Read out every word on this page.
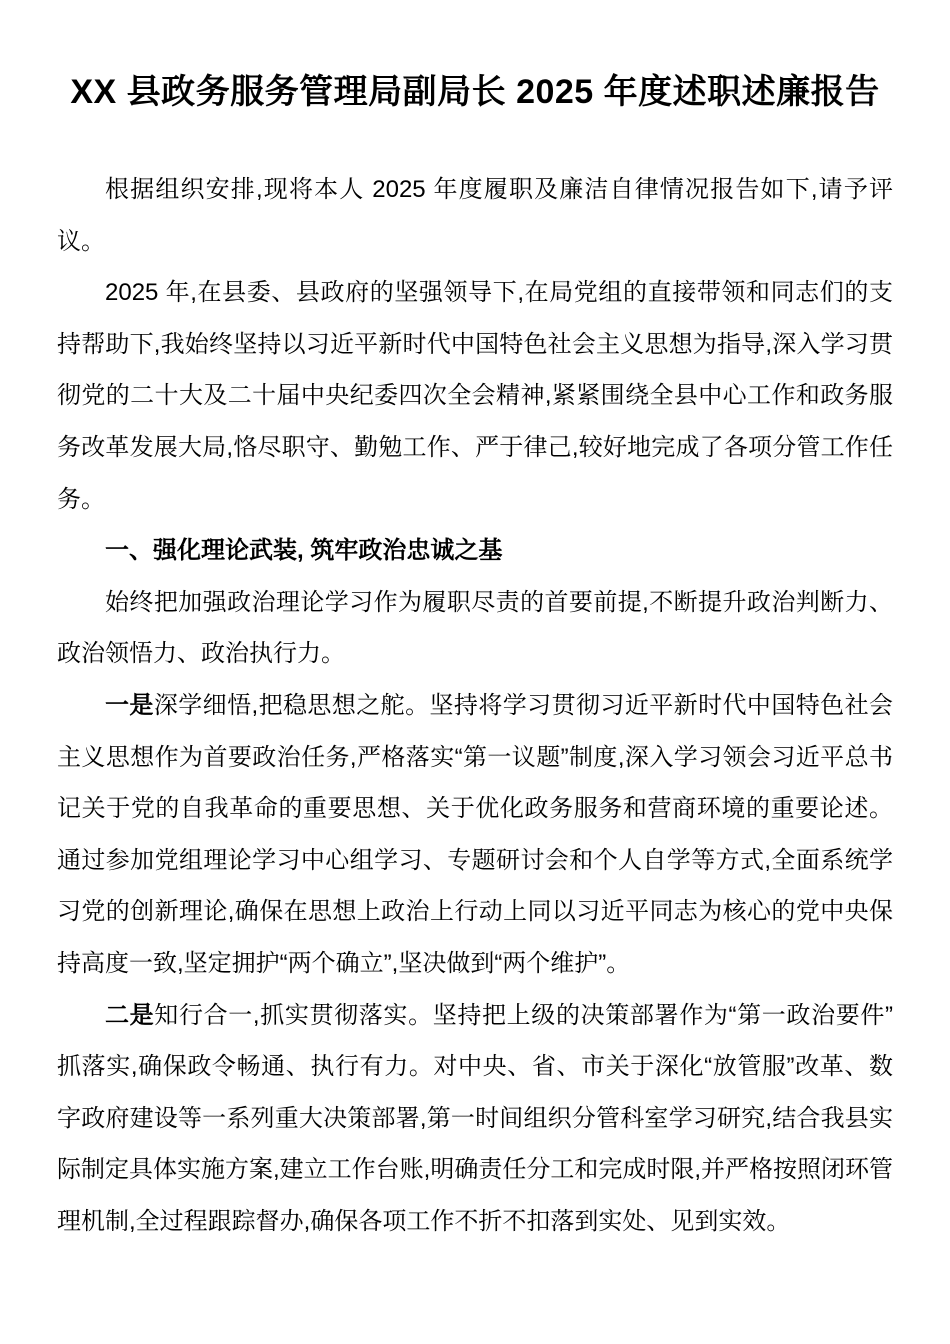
XX 县政务服务管理局副局长 2025 年度述职述廉报告

根据组织安排,现将本人 2025 年度履职及廉洁自律情况报告如下,请予评议。

2025 年,在县委、县政府的坚强领导下,在局党组的直接带领和同志们的支持帮助下,我始终坚持以习近平新时代中国特色社会主义思想为指导,深入学习贯彻党的二十大及二十届中央纪委四次全会精神,紧紧围绕全县中心工作和政务服务改革发展大局,恪尽职守、勤勉工作、严于律己,较好地完成了各项分管工作任务。

一、强化理论武装, 筑牢政治忠诚之基

始终把加强政治理论学习作为履职尽责的首要前提,不断提升政治判断力、政治领悟力、政治执行力。

一是深学细悟,把稳思想之舵。坚持将学习贯彻习近平新时代中国特色社会主义思想作为首要政治任务,严格落实“第一议题”制度,深入学习领会习近平总书记关于党的自我革命的重要思想、关于优化政务服务和营商环境的重要论述。通过参加党组理论学习中心组学习、专题研讨会和个人自学等方式,全面系统学习党的创新理论,确保在思想上政治上行动上同以习近平同志为核心的党中央保持高度一致,坚定拥护“两个确立”,坚决做到“两个维护”。

二是知行合一,抓实贯彻落实。坚持把上级的决策部署作为“第一政治要件”抓落实,确保政令畅通、执行有力。对中央、省、市关于深化“放管服”改革、数字政府建设等一系列重大决策部署,第一时间组织分管科室学习研究,结合我县实际制定具体实施方案,建立工作台账,明确责任分工和完成时限,并严格按照闭环管理机制,全过程跟踪督办,确保各项工作不折不扣落到实处、见到实效。
